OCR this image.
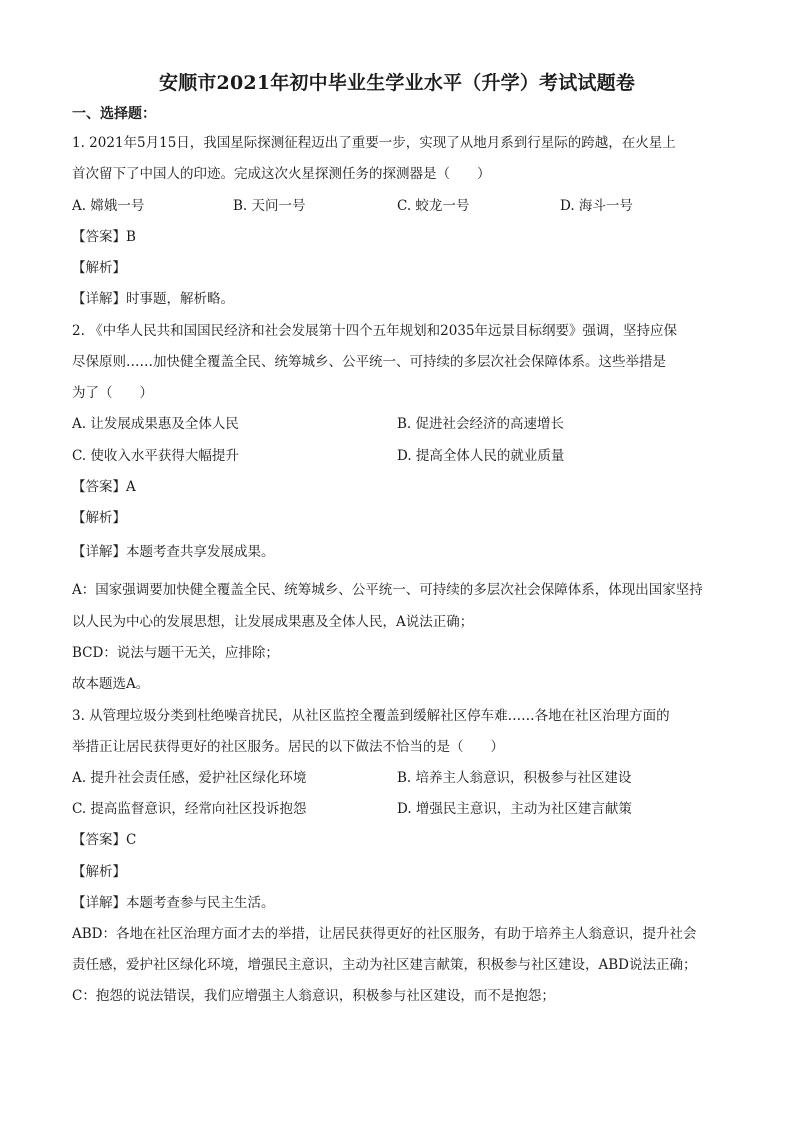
安顺市2021年初中毕业生学业水平（升学）考试试题卷
一、选择题：
1. 2021年5月15日，我国星际探测征程迈出了重要一步，实现了从地月系到行星际的跨越，在火星上
首次留下了中国人的印迹。完成这次火星探测任务的探测器是（　　）
A. 嫦娥一号	B. 天问一号	C. 蛟龙一号	D. 海斗一号
【答案】B
【解析】
【详解】时事题，解析略。
2. 《中华人民共和国国民经济和社会发展第十四个五年规划和2035年远景目标纲要》强调，坚持应保
尽保原则……加快健全覆盖全民、统筹城乡、公平统一、可持续的多层次社会保障体系。这些举措是
为了（　　）
A. 让发展成果惠及全体人民	B. 促进社会经济的高速增长
C. 使收入水平获得大幅提升	D. 提高全体人民的就业质量
【答案】A
【解析】
【详解】本题考查共享发展成果。
A：国家强调要加快健全覆盖全民、统筹城乡、公平统一、可持续的多层次社会保障体系，体现出国家坚持
以人民为中心的发展思想，让发展成果惠及全体人民，A说法正确；
BCD：说法与题干无关，应排除；
故本题选A。
3. 从管理垃圾分类到杜绝噪音扰民，从社区监控全覆盖到缓解社区停车难……各地在社区治理方面的
举措正让居民获得更好的社区服务。居民的以下做法不恰当的是（　　）
A. 提升社会责任感，爱护社区绿化环境	B. 培养主人翁意识，积极参与社区建设
C. 提高监督意识，经常向社区投诉抱怨	D. 增强民主意识，主动为社区建言献策
【答案】C
【解析】
【详解】本题考查参与民主生活。
ABD：各地在社区治理方面才去的举措，让居民获得更好的社区服务，有助于培养主人翁意识，提升社会
责任感，爱护社区绿化环境，增强民主意识，主动为社区建言献策，积极参与社区建设，ABD说法正确；
C：抱怨的说法错误，我们应增强主人翁意识，积极参与社区建设，而不是抱怨；
